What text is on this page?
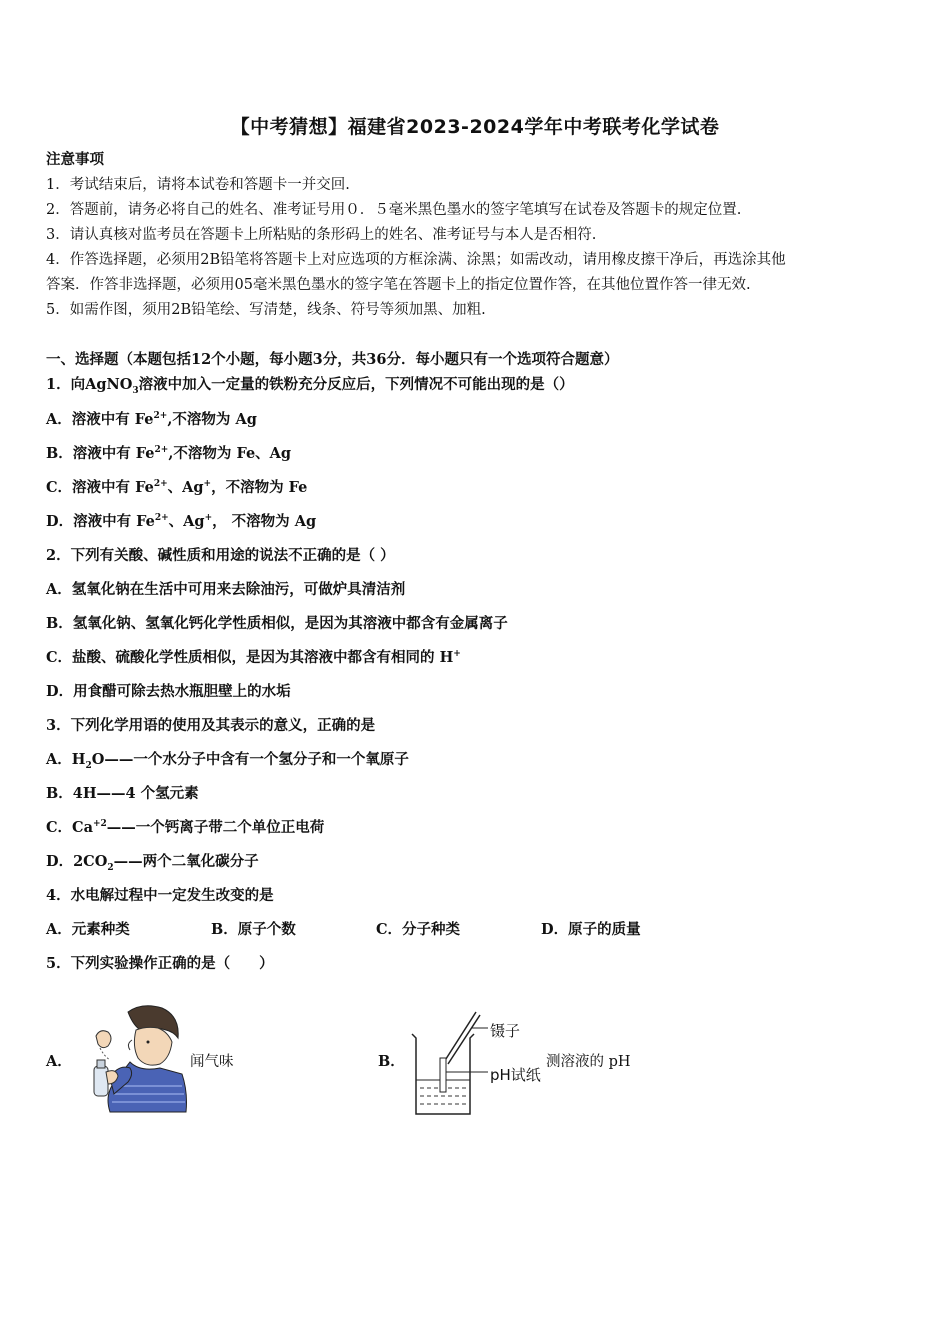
【中考猜想】福建省2023-2024学年中考联考化学试卷
注意事项
1．考试结束后，请将本试卷和答题卡一并交回.
2．答题前，请务必将自己的姓名、准考证号用０．５毫米黑色墨水的签字笔填写在试卷及答题卡的规定位置.
3．请认真核对监考员在答题卡上所粘贴的条形码上的姓名、准考证号与本人是否相符.
4．作答选择题，必须用2B铅笔将答题卡上对应选项的方框涂满、涂黑；如需改动，请用橡皮擦干净后，再选涂其他
答案．作答非选择题，必须用05毫米黑色墨水的签字笔在答题卡上的指定位置作答，在其他位置作答一律无效.
5．如需作图，须用2B铅笔绘、写清楚，线条、符号等须加黑、加粗.
一、选择题（本题包括12个小题，每小题3分，共36分．每小题只有一个选项符合题意）
1．向AgNO$_3$溶液中加入一定量的铁粉充分反应后，下列情况不可能出现的是（）
A．溶液中有 $Fe^{2+}$,不溶物为 Ag
B．溶液中有 $Fe^{2+}$,不溶物为 Fe、Ag
C．溶液中有 $Fe^{2+}$、Ag+，不溶物为 Fe
D．溶液中有 $Fe^{2+}$、Ag+， 不溶物为 Ag
2．下列有关酸、碱性质和用途的说法不正确的是（ ）
A．氢氧化钠在生活中可用来去除油污，可做炉具清洁剂
B．氢氧化钠、氢氧化钙化学性质相似，是因为其溶液中都含有金属离子
C．盐酸、硫酸化学性质相似，是因为其溶液中都含有相同的 H+
D．用食醋可除去热水瓶胆壁上的水垢
3．下列化学用语的使用及其表示的意义，正确的是
A．$H_2O——$一个水分子中含有一个氢分子和一个氧原子
B．4H——4 个氢元素
C．$Ca^{+2}——$一个钙离子带二个单位正电荷
D．$2CO_2——$两个二氧化碳分子
4．水电解过程中一定发生改变的是
A．元素种类	B．原子个数	C．分子种类	D．原子的质量
5．下列实验操作正确的是（　　）
A．	闻气味	B．
镊子
pH试纸
测溶液的 pH
